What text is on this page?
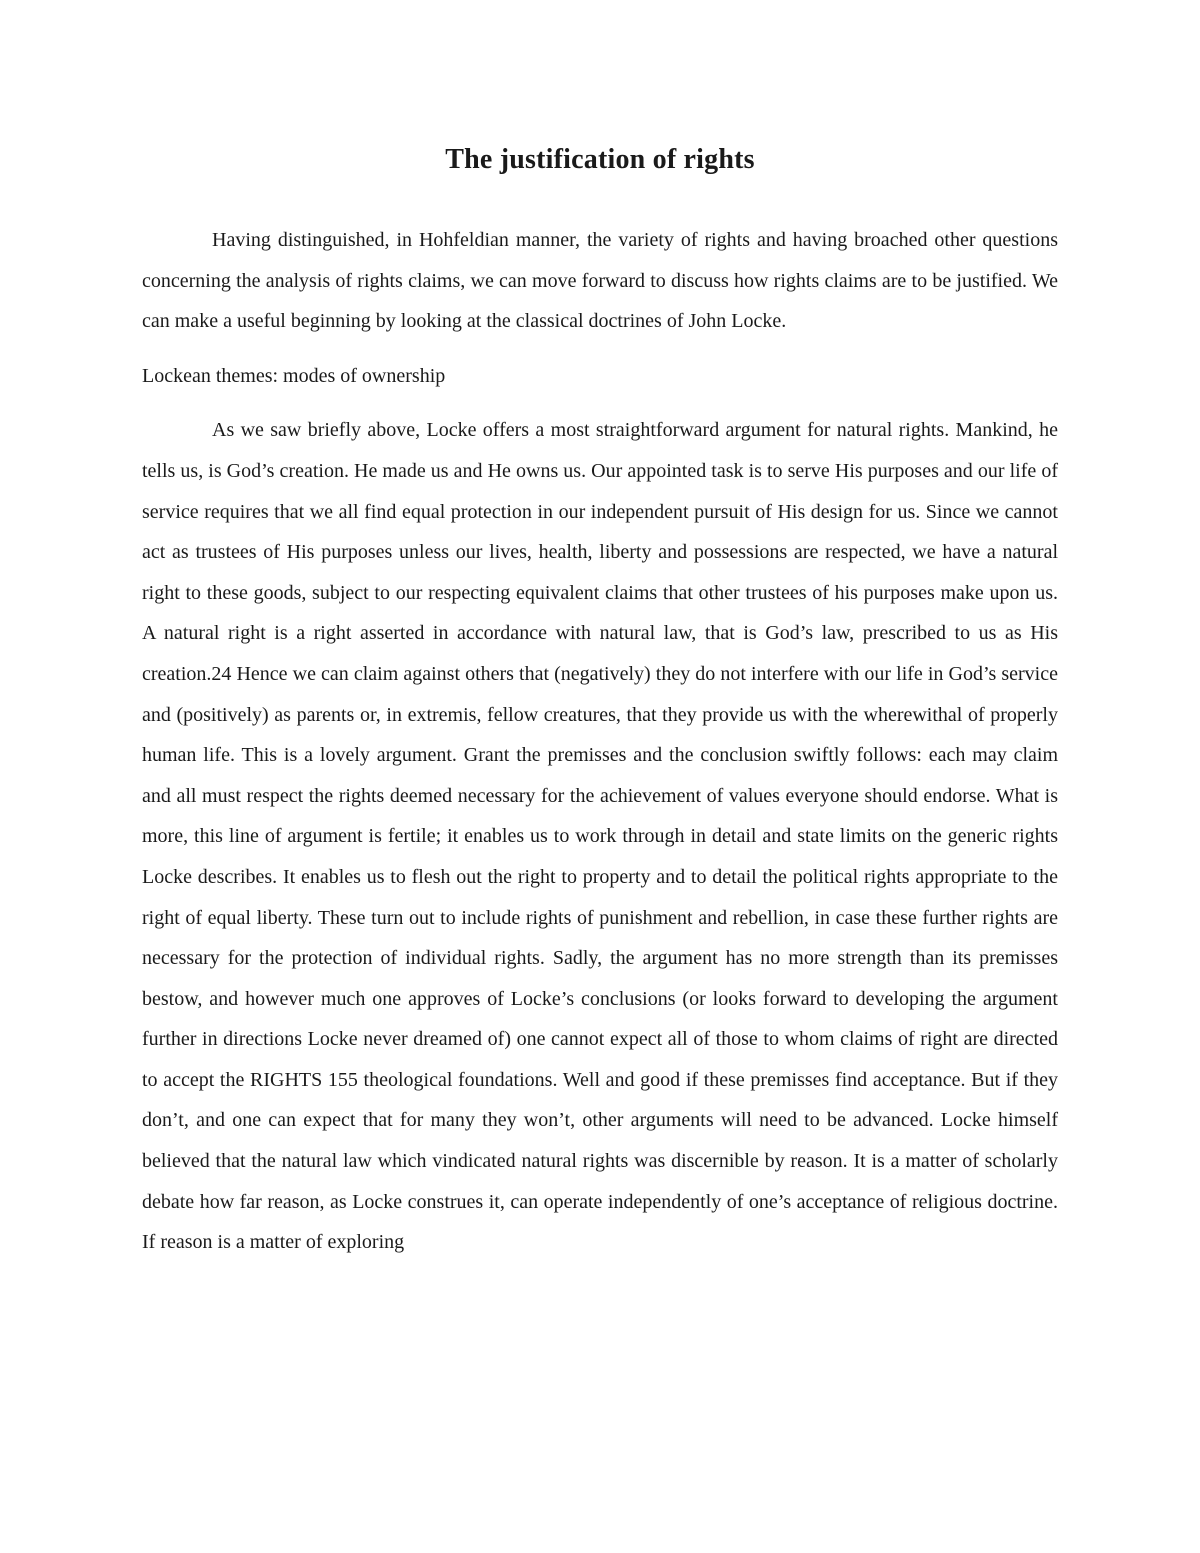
The justification of rights

Having distinguished, in Hohfeldian manner, the variety of rights and having broached other questions concerning the analysis of rights claims, we can move forward to discuss how rights claims are to be justified. We can make a useful beginning by looking at the classical doctrines of John Locke.

Lockean themes: modes of ownership

As we saw briefly above, Locke offers a most straightforward argument for natural rights. Mankind, he tells us, is God’s creation. He made us and He owns us. Our appointed task is to serve His purposes and our life of service requires that we all find equal protection in our independent pursuit of His design for us. Since we cannot act as trustees of His purposes unless our lives, health, liberty and possessions are respected, we have a natural right to these goods, subject to our respecting equivalent claims that other trustees of his purposes make upon us. A natural right is a right asserted in accordance with natural law, that is God’s law, prescribed to us as His creation.24 Hence we can claim against others that (negatively) they do not interfere with our life in God’s service and (positively) as parents or, in extremis, fellow creatures, that they provide us with the wherewithal of properly human life. This is a lovely argument. Grant the premisses and the conclusion swiftly follows: each may claim and all must respect the rights deemed necessary for the achievement of values everyone should endorse. What is more, this line of argument is fertile; it enables us to work through in detail and state limits on the generic rights Locke describes. It enables us to flesh out the right to property and to detail the political rights appropriate to the right of equal liberty. These turn out to include rights of punishment and rebellion, in case these further rights are necessary for the protection of individual rights. Sadly, the argument has no more strength than its premisses bestow, and however much one approves of Locke’s conclusions (or looks forward to developing the argument further in directions Locke never dreamed of) one cannot expect all of those to whom claims of right are directed to accept the RIGHTS 155 theological foundations. Well and good if these premisses find acceptance. But if they don’t, and one can expect that for many they won’t, other arguments will need to be advanced. Locke himself believed that the natural law which vindicated natural rights was discernible by reason. It is a matter of scholarly debate how far reason, as Locke construes it, can operate independently of one’s acceptance of religious doctrine. If reason is a matter of exploring
